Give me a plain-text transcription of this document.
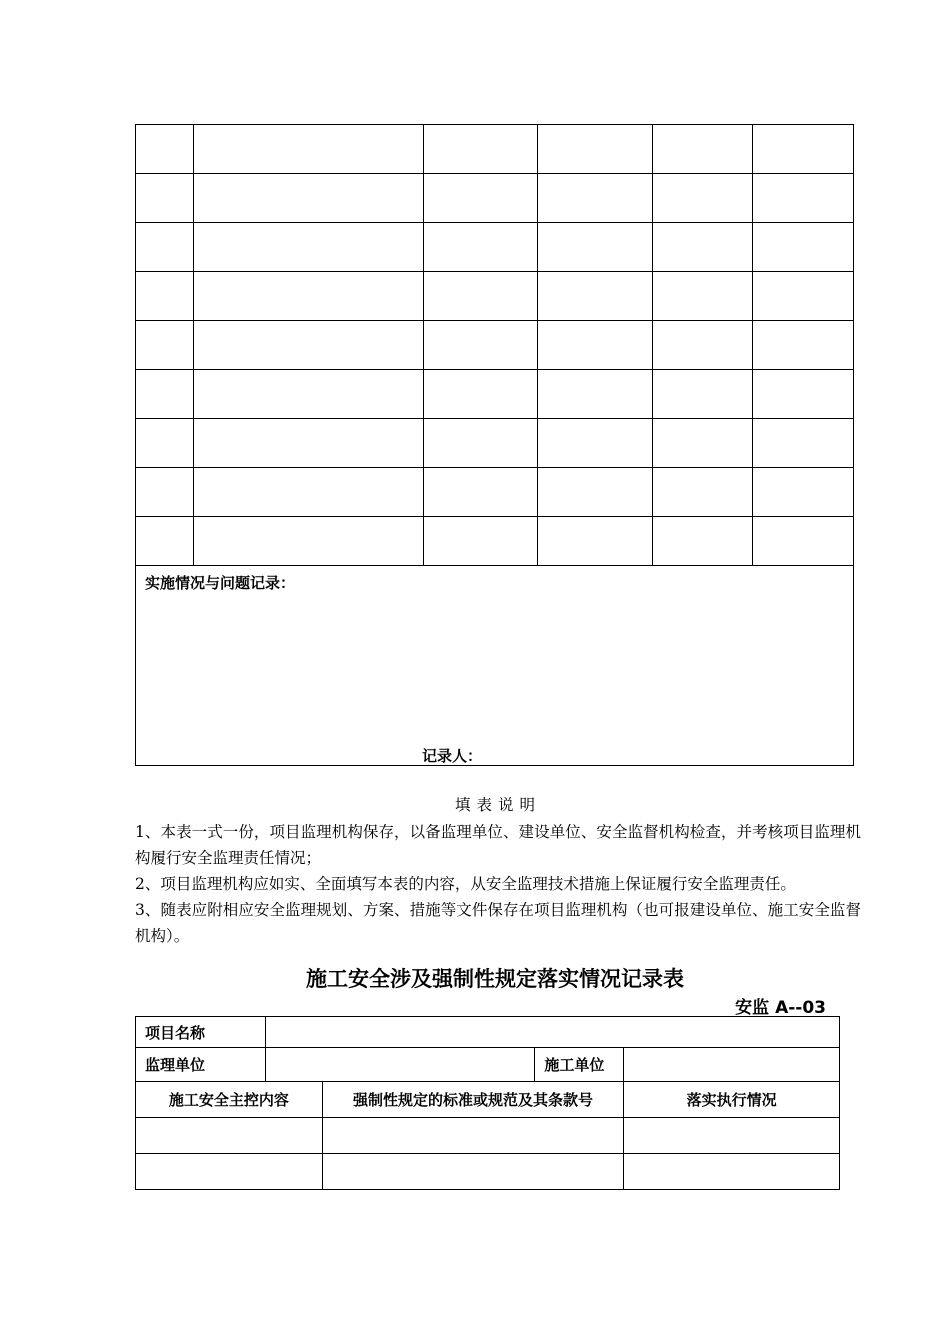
实施情况与问题记录：
记录人：					
填表说明

1、本表一式一份，项目监理机构保存，以备监理单位、建设单位、安全监督机构检查，并考核项目监理机构履行安全监理责任情况；

2、项目监理机构应如实、全面填写本表的内容，从安全监理技术措施上保证履行安全监理责任。

3、随表应附相应安全监理规划、方案、措施等文件保存在项目监理机构（也可报建设单位、施工安全监督机构）。

施工安全涉及强制性规定落实情况记录表
安监 A--03
项目名称				
监理单位			施工单位	
施工安全主控内容		强制性规定的标准或规范及其条款号		落实执行情况
